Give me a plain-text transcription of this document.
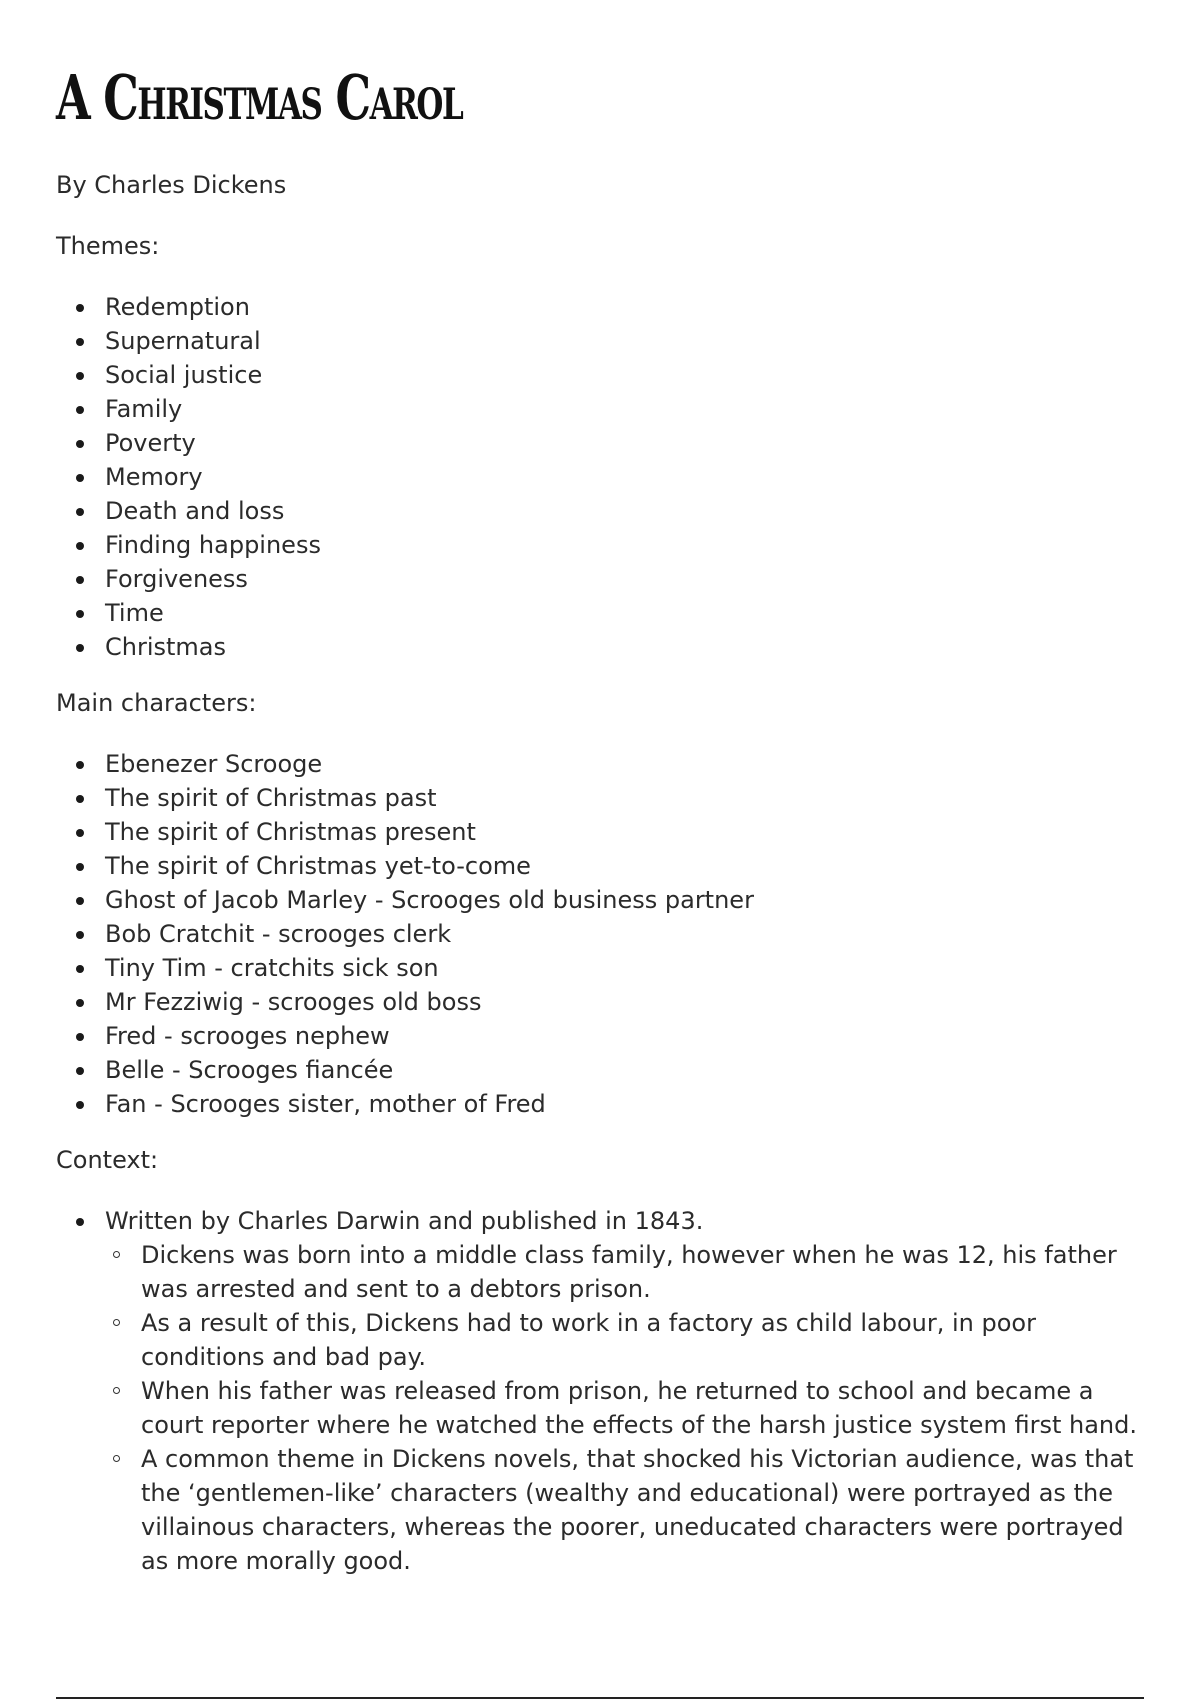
A Christmas Carol

By Charles Dickens

Themes:

Redemption
Supernatural
Social justice
Family
Poverty
Memory
Death and loss
Finding happiness
Forgiveness
Time
Christmas

Main characters:

Ebenezer Scrooge
The spirit of Christmas past
The spirit of Christmas present
The spirit of Christmas yet-to-come
Ghost of Jacob Marley - Scrooges old business partner
Bob Cratchit - scrooges clerk
Tiny Tim - cratchits sick son
Mr Fezziwig - scrooges old boss
Fred - scrooges nephew
Belle - Scrooges fiancée
Fan - Scrooges sister, mother of Fred

Context:

Written by Charles Darwin and published in 1843.
Dickens was born into a middle class family, however when he was 12, his father was arrested and sent to a debtors prison.
As a result of this, Dickens had to work in a factory as child labour, in poor conditions and bad pay.
When his father was released from prison, he returned to school and became a court reporter where he watched the effects of the harsh justice system first hand.
A common theme in Dickens novels, that shocked his Victorian audience, was that the ‘gentlemen-like’ characters (wealthy and educational) were portrayed as the villainous characters, whereas the poorer, uneducated characters were portrayed as more morally good.
